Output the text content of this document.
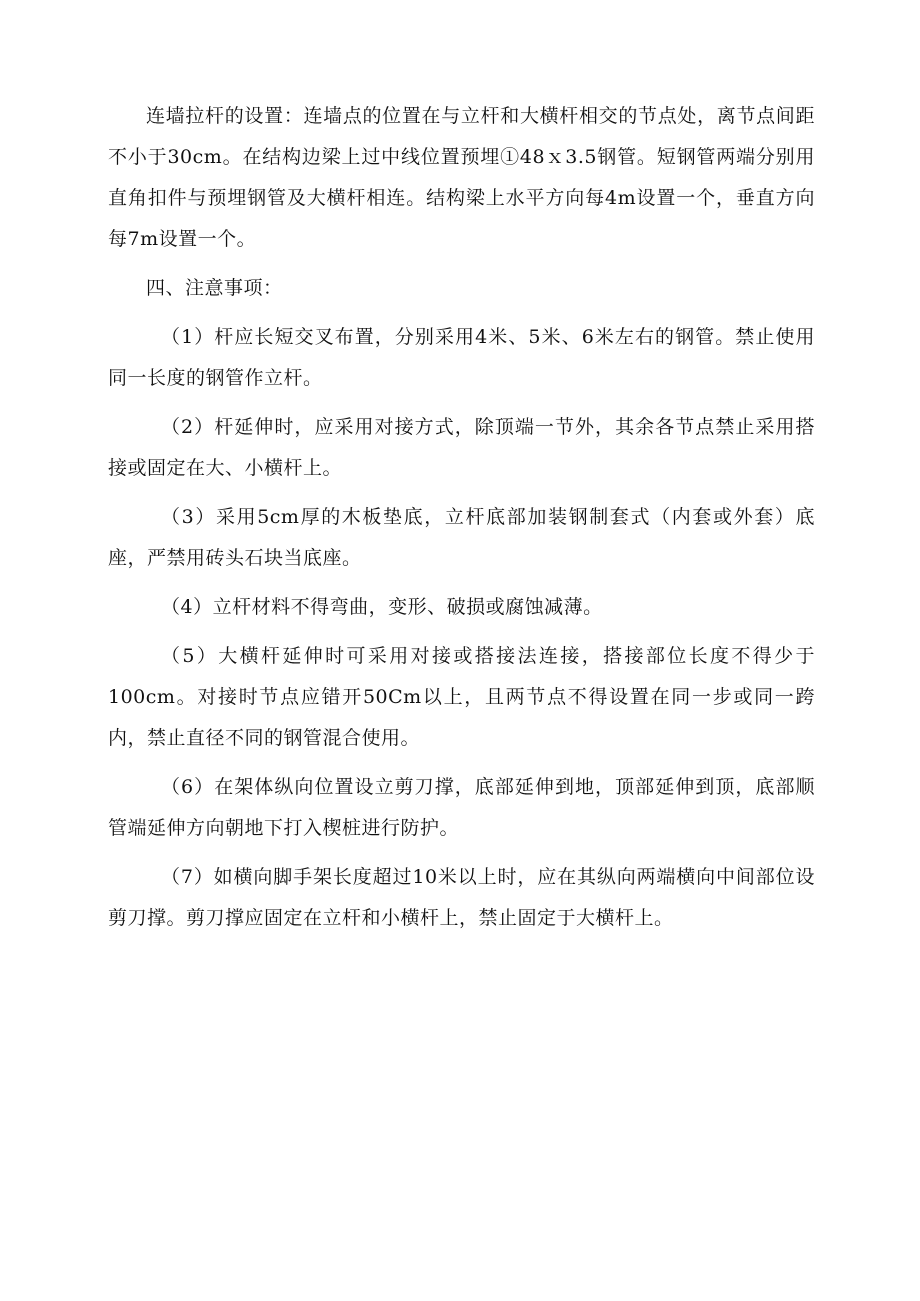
连墙拉杆的设置：连墙点的位置在与立杆和大横杆相交的节点处，离节点间距不小于30cm。在结构边梁上过中线位置预埋①48ｘ3.5钢管。短钢管两端分别用直角扣件与预埋钢管及大横杆相连。结构梁上水平方向每4m设置一个，垂直方向每7m设置一个。

四、注意事项：

（1）杆应长短交叉布置，分别采用4米、5米、6米左右的钢管。禁止使用同一长度的钢管作立杆。

（2）杆延伸时，应采用对接方式，除顶端一节外，其余各节点禁止采用搭接或固定在大、小横杆上。

（3）采用5cm厚的木板垫底，立杆底部加装钢制套式（内套或外套）底座，严禁用砖头石块当底座。

（4）立杆材料不得弯曲，变形、破损或腐蚀减薄。

（5）大横杆延伸时可采用对接或搭接法连接，搭接部位长度不得少于100cm。对接时节点应错开50Cm以上，且两节点不得设置在同一步或同一跨内，禁止直径不同的钢管混合使用。

（6）在架体纵向位置设立剪刀撑，底部延伸到地，顶部延伸到顶，底部顺管端延伸方向朝地下打入楔桩进行防护。

（7）如横向脚手架长度超过10米以上时，应在其纵向两端横向中间部位设剪刀撑。剪刀撑应固定在立杆和小横杆上，禁止固定于大横杆上。
